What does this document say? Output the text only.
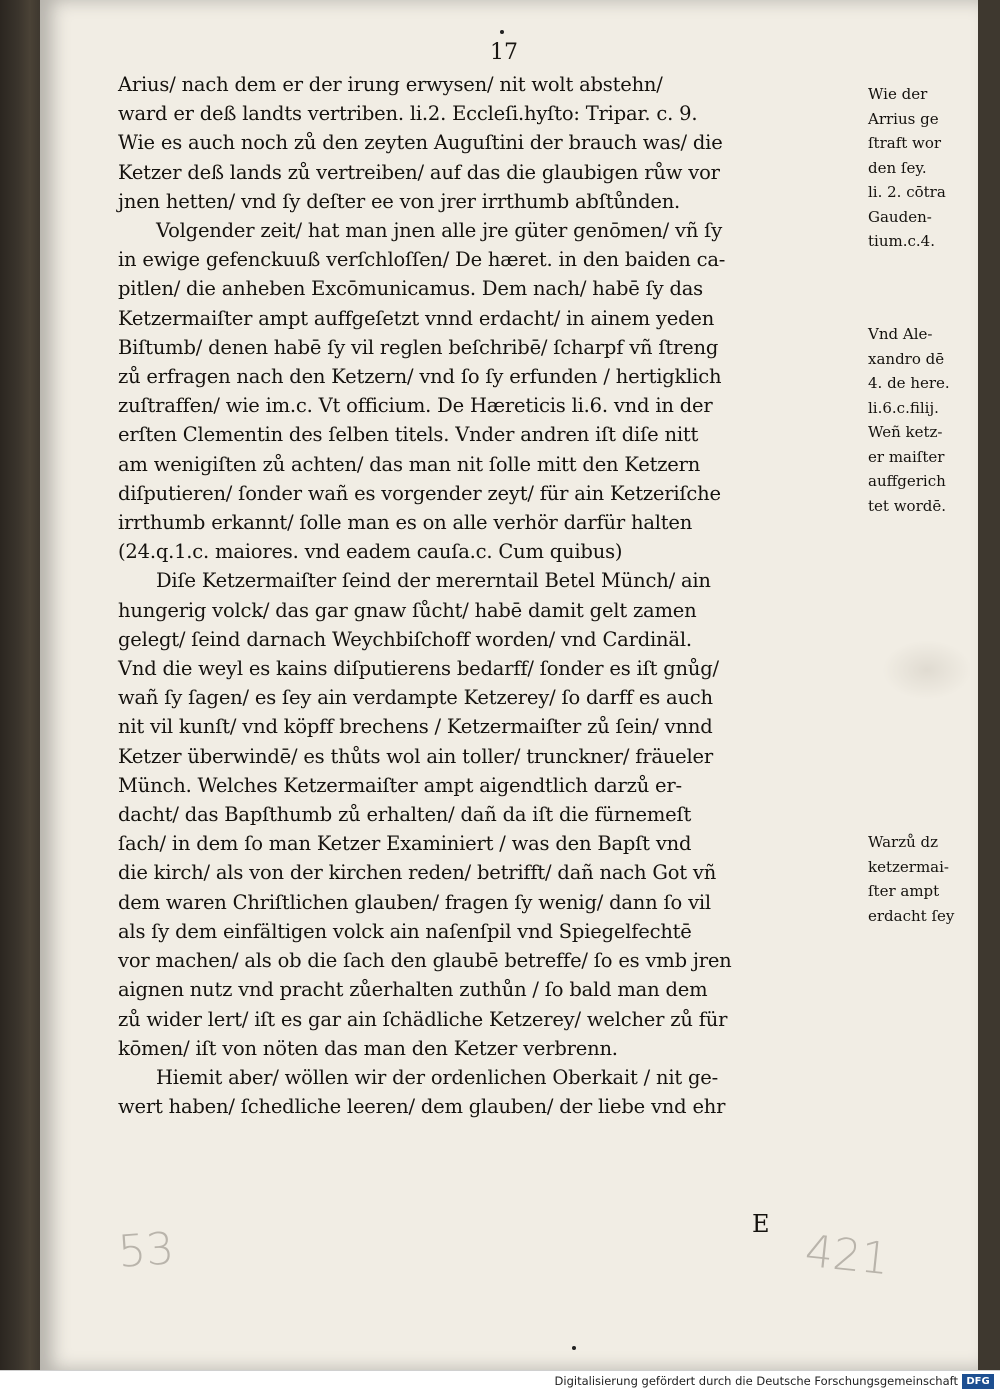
17
Arius/ nach dem er der irung erwysen/ nit wolt abstehn/
ward er deß landts vertriben. li.2. Eccleſi.hyſto: Tripar. c. 9.
Wie es auch noch zů den zeyten Auguſtini der brauch was/ die
Ketzer deß lands zů vertreiben/ auf das die glaubigen růw vor
jnen hetten/ vnd ſy deſter ee von jrer irrthumb abſtůnden.
Volgender zeit/ hat man jnen alle jre güter genōmen/ vñ ſy
in ewige gefenckuuß verſchloſſen/ De hæret. in den baiden ca-
pitlen/ die anheben Excōmunicamus. Dem nach/ habē ſy das
Ketzermaiſter ampt auffgeſetzt vnnd erdacht/ in ainem yeden
Biſtumb/ denen habē ſy vil reglen beſchribē/ ſcharpf vñ ſtreng
zů erfragen nach den Ketzern/ vnd ſo ſy erfunden / hertigklich
zuſtraffen/ wie im.c. Vt officium. De Hæreticis li.6. vnd in der
erſten Clementin des ſelben titels. Vnder andren iſt diſe nitt
am wenigiſten zů achten/ das man nit ſolle mitt den Ketzern
diſputieren/ ſonder wañ es vorgender zeyt/ für ain Ketzeriſche
irrthumb erkannt/ ſolle man es on alle verhör darfür halten
(24.q.1.c. maiores. vnd eadem cauſa.c. Cum quibus)
Diſe Ketzermaiſter ſeind der mererntail Betel Münch/ ain
hungerig volck/ das gar gnaw ſůcht/ habē damit gelt zamen
gelegt/ ſeind darnach Weychbiſchoff worden/ vnd Cardinäl.
Vnd die weyl es kains diſputierens bedarff/ ſonder es iſt gnůg/
wañ ſy ſagen/ es ſey ain verdampte Ketzerey/ ſo darff es auch
nit vil kunſt/ vnd köpff brechens / Ketzermaiſter zů ſein/ vnnd
Ketzer überwindē/ es thůts wol ain toller/ trunckner/ fräueler
Münch. Welches Ketzermaiſter ampt aigendtlich darzů er-
dacht/ das Bapſthumb zů erhalten/ dañ da iſt die fürnemeſt
ſach/ in dem ſo man Ketzer Examiniert / was den Bapſt vnd
die kirch/ als von der kirchen reden/ betrifft/ dañ nach Got vñ
dem waren Chriſtlichen glauben/ fragen ſy wenig/ dann ſo vil
als ſy dem einfältigen volck ain naſenſpil vnd Spiegelfechtē
vor machen/ als ob die ſach den glaubē betreffe/ ſo es vmb jren
aignen nutz vnd pracht zůerhalten zuthůn / ſo bald man dem
zů wider lert/ iſt es gar ain ſchädliche Ketzerey/ welcher zů für
kōmen/ iſt von nöten das man den Ketzer verbrenn.
Hiemit aber/ wöllen wir der ordenlichen Oberkait / nit ge-
wert haben/ ſchedliche leeren/ dem glauben/ der liebe vnd ehr
Wie der
Arrius ge
ſtraft wor
den ſey.
li. 2. cōtra
Gauden-
tium.c.4.
Vnd Ale-
xandro dē
4. de here.
li.6.c.filij.
Weñ ketz-
er maiſter
auffgerich
tet wordē.
Warzů dz
ketzermai-
ſter ampt
erdacht ſey
E
53	421
Digitalisierung gefördert durch die Deutsche Forschungsgemeinschaft DFG
